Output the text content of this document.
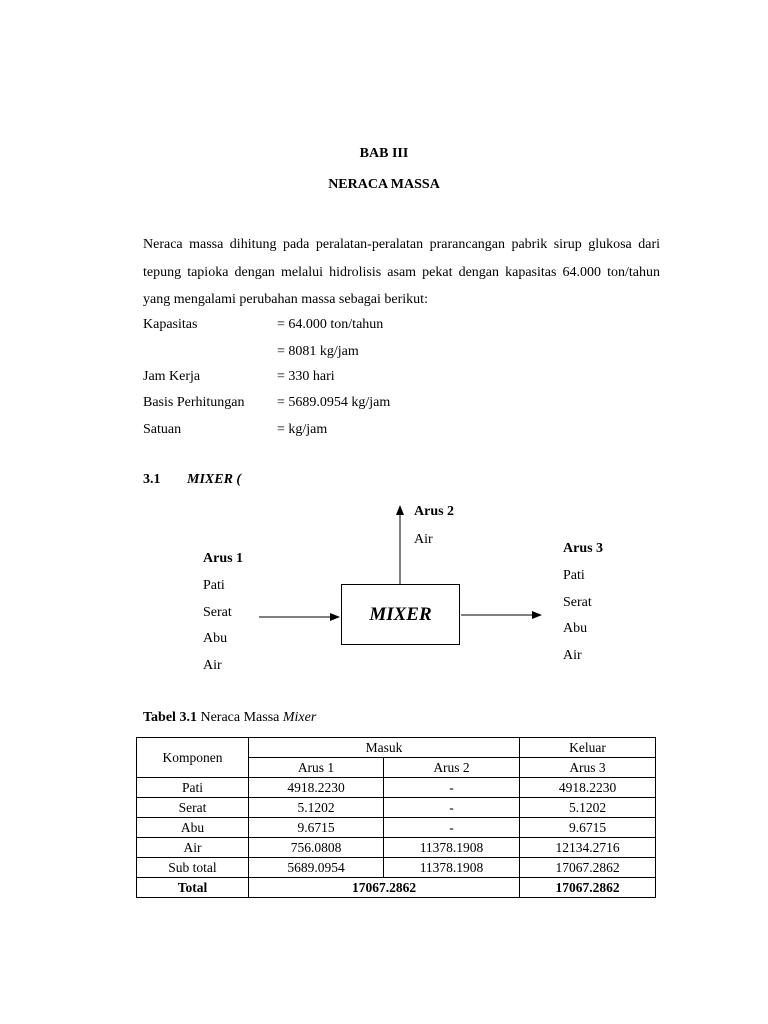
BAB III
NERACA MASSA
Neraca massa dihitung pada peralatan-peralatan prarancangan pabrik sirup glukosa dari tepung tapioka dengan melalui hidrolisis asam pekat dengan kapasitas 64.000 ton/tahun yang mengalami perubahan massa sebagai berikut:
Kapasitas	= 64.000 ton/tahun
= 8081 kg/jam
Jam Kerja	= 330 hari
Basis Perhitungan = 5689.0954 kg/jam
Satuan	= kg/jam
3.1 MIXER (
MIXER
Arus 1
Pati
Serat
Abu
Air
Arus 2
Air
Arus 3
Pati
Serat
Abu
Air
Tabel 3.1 Neraca Massa Mixer
Komponen	Masuk		Keluar
	Arus 1	Arus 2	Arus 3
Pati	4918.2230	-	4918.2230
Serat	5.1202	-	5.1202
Abu	9.6715	-	9.6715
Air	756.0808	11378.1908	12134.2716
Sub total	5689.0954	11378.1908	17067.2862
Total	17067.2862		17067.2862
